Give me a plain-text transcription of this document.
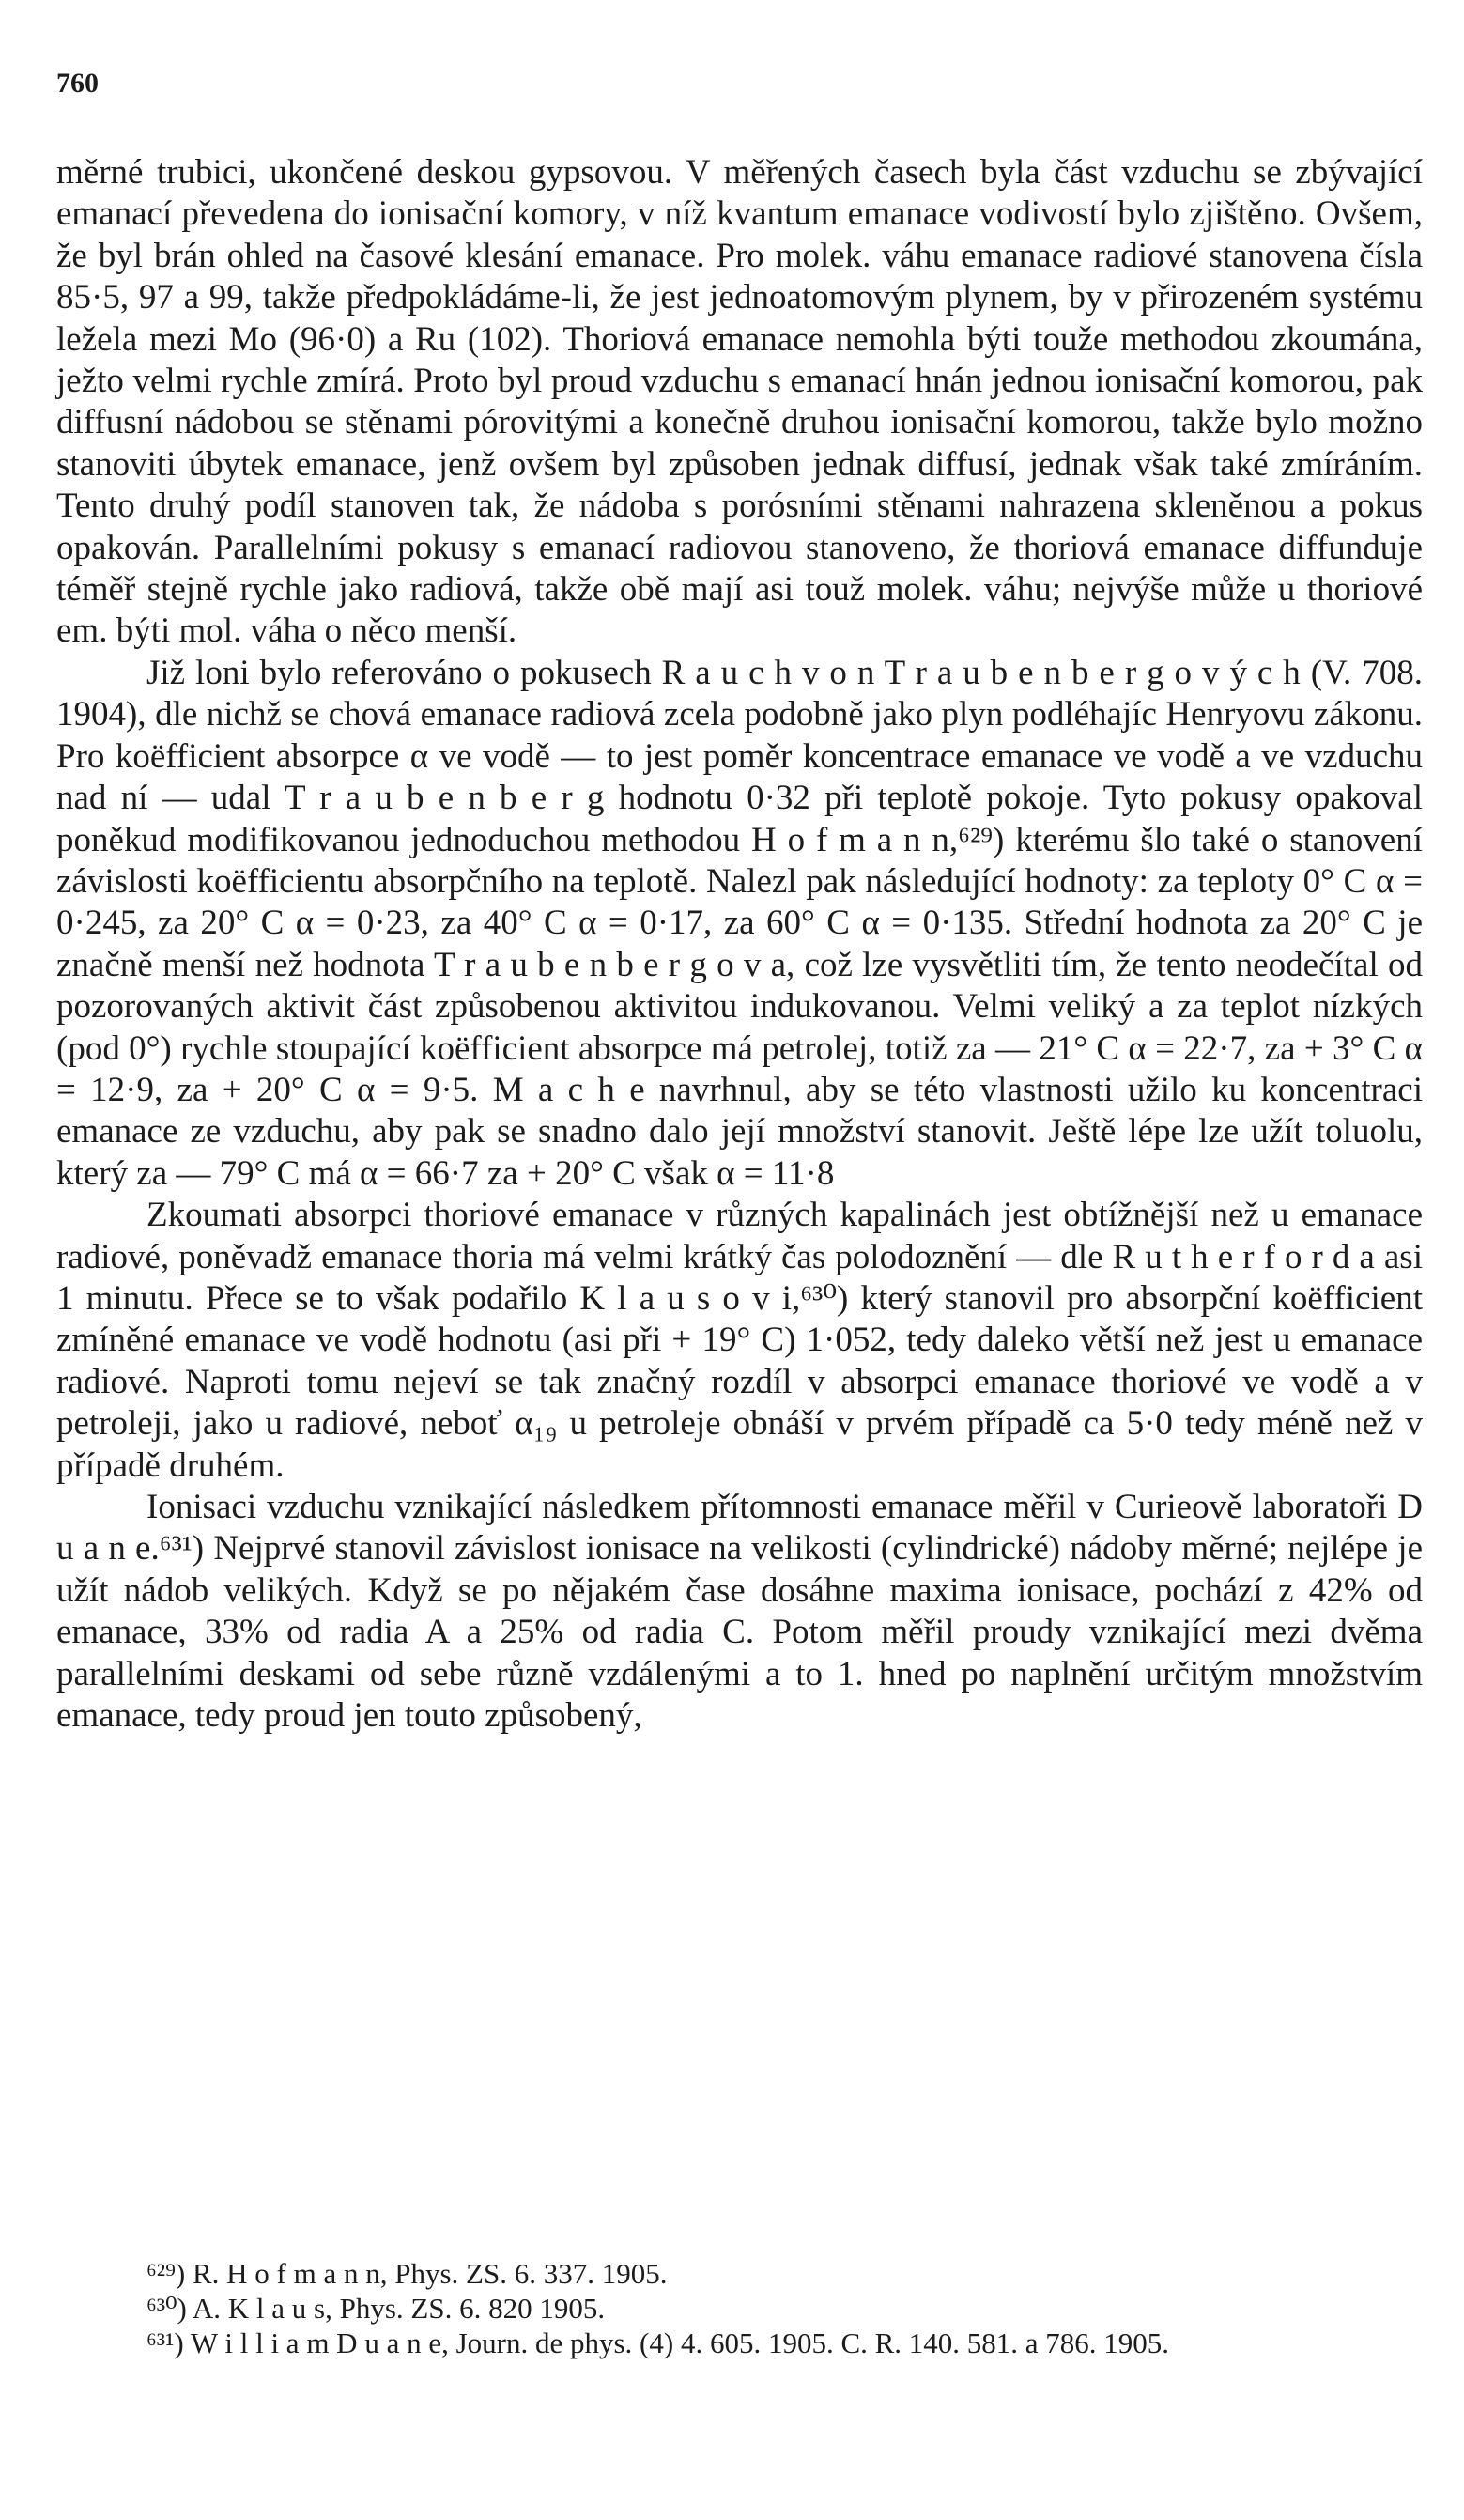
760

měrné trubici, ukončené deskou gypsovou. V měřených časech byla část vzduchu se zbývající emanací převedena do ionisační komory, v níž kvantum emanace vodivostí bylo zjištěno. Ovšem, že byl brán ohled na časové klesání emanace. Pro molek. váhu emanace radiové stanovena čísla 85·5, 97 a 99, takže předpokládáme-li, že jest jednoatomovým plynem, by v přirozeném systému ležela mezi Mo (96·0) a Ru (102). Thoriová emanace nemohla býti touže methodou zkoumána, ježto velmi rychle zmírá. Proto byl proud vzduchu s emanací hnán jednou ionisační komorou, pak diffusní nádobou se stěnami pórovitými a konečně druhou ionisační komorou, takže bylo možno stanoviti úbytek emanace, jenž ovšem byl způsoben jednak diffusí, jednak však také zmíráním. Tento druhý podíl stanoven tak, že nádoba s porósními stěnami nahrazena skleněnou a pokus opakován. Parallelními pokusy s emanací radiovou stanoveno, že thoriová emanace diffunduje téměř stejně rychle jako radiová, takže obě mají asi touž molek. váhu; nejvýše může u thoriové em. býti mol. váha o něco menší.

Již loni bylo referováno o pokusech R a u c h v o n T r a u b e n b e r g o v ý c h (V. 708. 1904), dle nichž se chová emanace radiová zcela podobně jako plyn podléhajíc Henryovu zákonu. Pro koëfficient absorpce α ve vodě — to jest poměr koncentrace emanace ve vodě a ve vzduchu nad ní — udal T r a u b e n b e r g hodnotu 0·32 při teplotě pokoje. Tyto pokusy opakoval poněkud modifikovanou jednoduchou methodou H o f m a n n,⁶²⁹) kterému šlo také o stanovení závislosti koëfficientu absorpčního na teplotě. Nalezl pak následující hodnoty: za teploty 0° C α = 0·245, za 20° C α = 0·23, za 40° C α = 0·17, za 60° C α = 0·135. Střední hodnota za 20° C je značně menší než hodnota T r a u b e n b e r g o v a, což lze vysvětliti tím, že tento neodečítal od pozorovaných aktivit část způsobenou aktivitou indukovanou. Velmi veliký a za teplot nízkých (pod 0°) rychle stoupající koëfficient absorpce má petrolej, totiž za — 21° C α = 22·7, za + 3° C α = 12·9, za + 20° C α = 9·5. M a c h e navrhnul, aby se této vlastnosti užilo ku koncentraci emanace ze vzduchu, aby pak se snadno dalo její množství stanovit. Ještě lépe lze užít toluolu, který za — 79° C má α = 66·7 za + 20° C však α = 11·8

Zkoumati absorpci thoriové emanace v různých kapalinách jest obtížnější než u emanace radiové, poněvadž emanace thoria má velmi krátký čas polodoznění — dle R u t h e r f o r d a asi 1 minutu. Přece se to však podařilo K l a u s o v i,⁶³⁰) který stanovil pro absorpční koëfficient zmíněné emanace ve vodě hodnotu (asi při + 19° C) 1·052, tedy daleko větší než jest u emanace radiové. Naproti tomu nejeví se tak značný rozdíl v absorpci emanace thoriové ve vodě a v petroleji, jako u radiové, neboť α₁₉ u petroleje obnáší v prvém případě ca 5·0 tedy méně než v případě druhém.

Ionisaci vzduchu vznikající následkem přítomnosti emanace měřil v Curieově laboratoři D u a n e.⁶³¹) Nejprvé stanovil závislost ionisace na velikosti (cylindrické) nádoby měrné; nejlépe je užít nádob velikých. Když se po nějakém čase dosáhne maxima ionisace, pochází z 42% od emanace, 33% od radia A a 25% od radia C. Potom měřil proudy vznikající mezi dvěma parallelními deskami od sebe různě vzdálenými a to 1. hned po naplnění určitým množstvím emanace, tedy proud jen touto způsobený,

⁶²⁹) R. H o f m a n n, Phys. ZS. 6. 337. 1905.

⁶³⁰) A. K l a u s, Phys. ZS. 6. 820 1905.

⁶³¹) W i l l i a m D u a n e, Journ. de phys. (4) 4. 605. 1905. C. R. 140. 581. a 786. 1905.
